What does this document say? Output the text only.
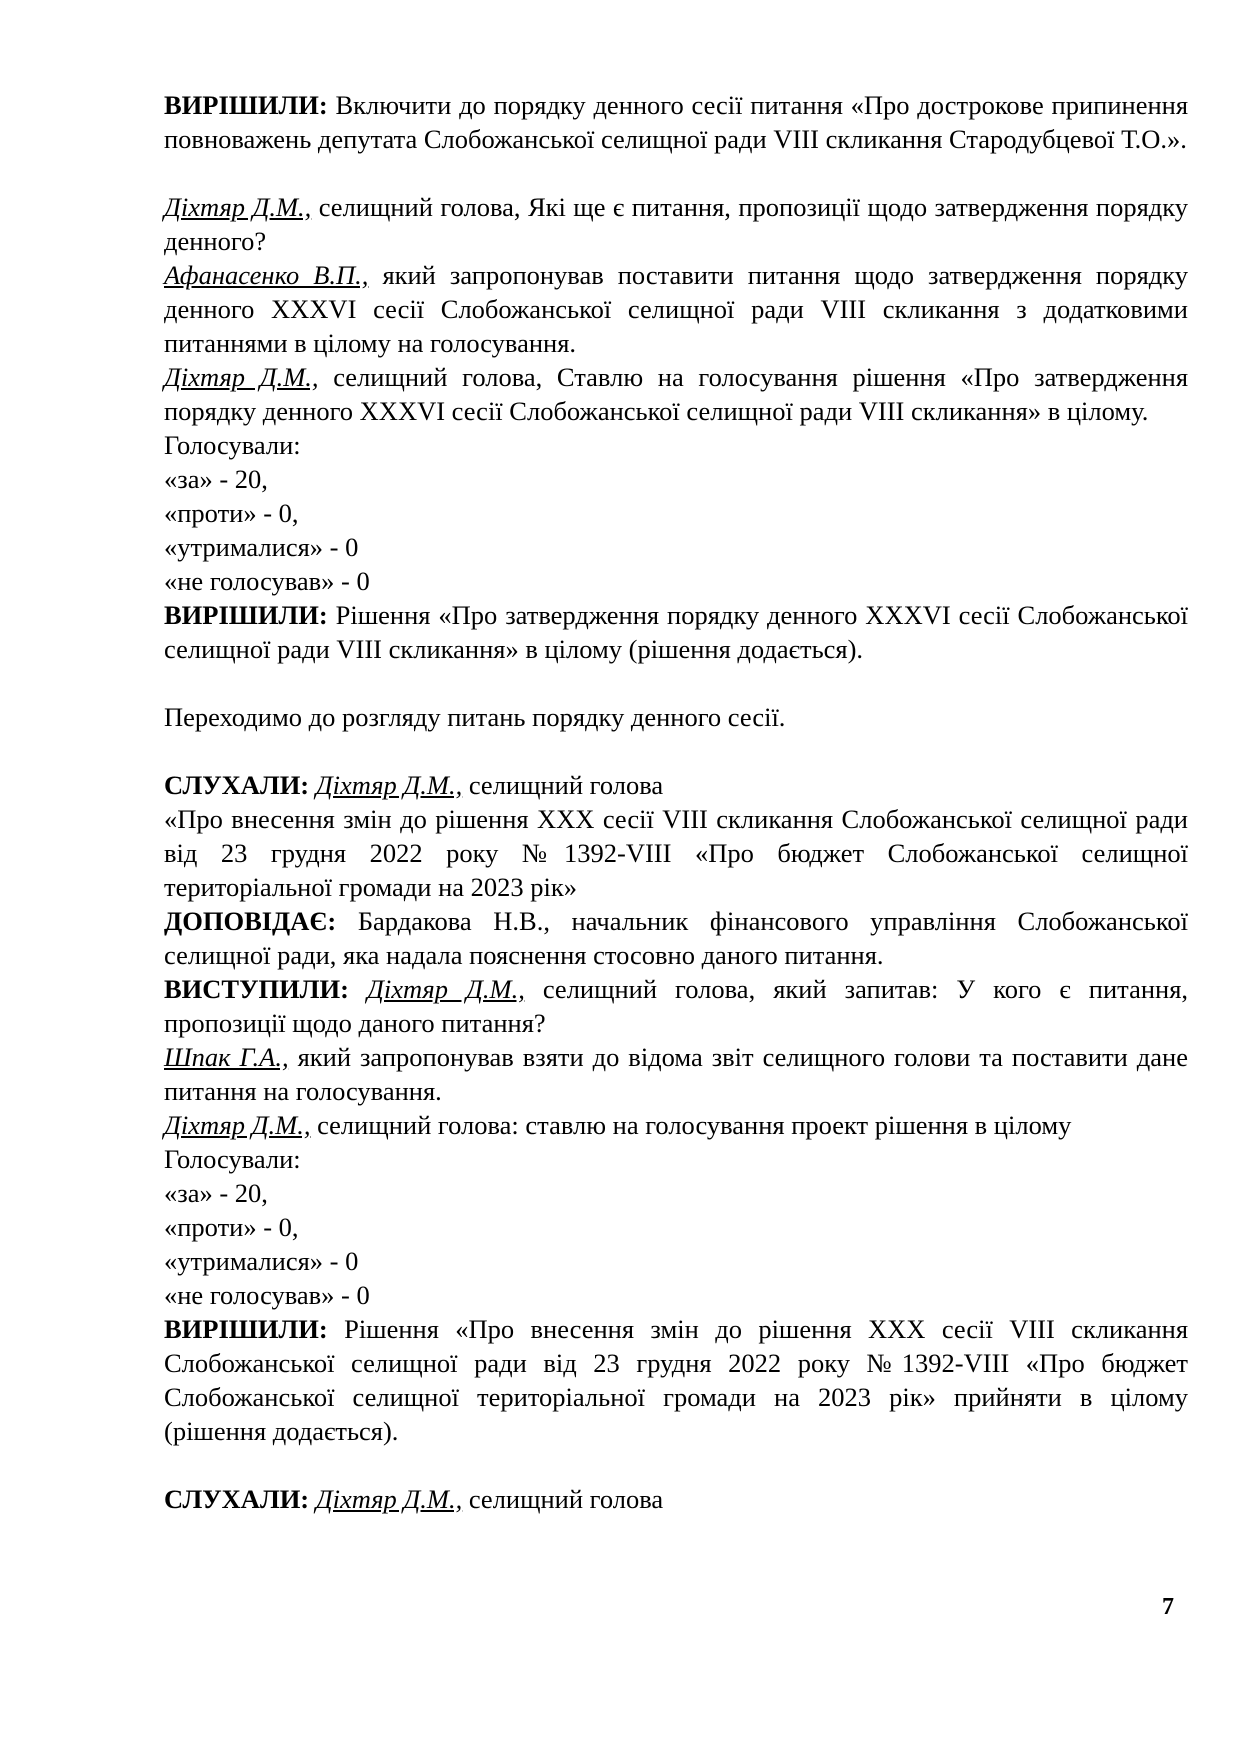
ВИРІШИЛИ: Включити до порядку денного сесії питання «Про дострокове припинення повноважень депутата Слобожанської селищної ради VIII скликання Стародубцевої Т.О.».

Діхтяр Д.М., селищний голова, Які ще є питання, пропозиції щодо затвердження порядку денного?

Афанасенко В.П., який запропонував поставити питання щодо затвердження порядку денного XXXVI сесії Слобожанської селищної ради VIII скликання з додатковими питаннями в цілому на голосування.

Діхтяр Д.М., селищний голова, Ставлю на голосування рішення «Про затвердження порядку денного XXXVI сесії Слобожанської селищної ради VIII скликання» в цілому.

Голосували:

«за» - 20,

«проти» - 0,

«утрималися» - 0

«не голосував» - 0

ВИРІШИЛИ: Рішення «Про затвердження порядку денного XXXVI сесії Слобожанської селищної ради VIII скликання» в цілому (рішення додається).

Переходимо до розгляду питань порядку денного сесії.

СЛУХАЛИ: Діхтяр Д.М., селищний голова

«Про внесення змін до рішення XXX сесії VIII скликання Слобожанської селищної ради від 23 грудня 2022 року №1392-VIII «Про бюджет Слобожанської селищної територіальної громади на 2023 рік»

ДОПОВІДАЄ: Бардакова Н.В., начальник фінансового управління Слобожанської селищної ради, яка надала пояснення стосовно даного питання.

ВИСТУПИЛИ: Діхтяр Д.М., селищний голова, який запитав: У кого є питання, пропозиції щодо даного питання?

Шпак Г.А., який запропонував взяти до відома звіт селищного голови та поставити дане питання на голосування.

Діхтяр Д.М., селищний голова: ставлю на голосування проект рішення в цілому

Голосували:

«за» - 20,

«проти» - 0,

«утрималися» - 0

«не голосував» - 0

ВИРІШИЛИ: Рішення «Про внесення змін до рішення XXX сесії VIII скликання Слобожанської селищної ради від 23 грудня 2022 року №1392-VIII «Про бюджет Слобожанської селищної територіальної громади на 2023 рік» прийняти в цілому (рішення додається).

СЛУХАЛИ: Діхтяр Д.М., селищний голова

7
